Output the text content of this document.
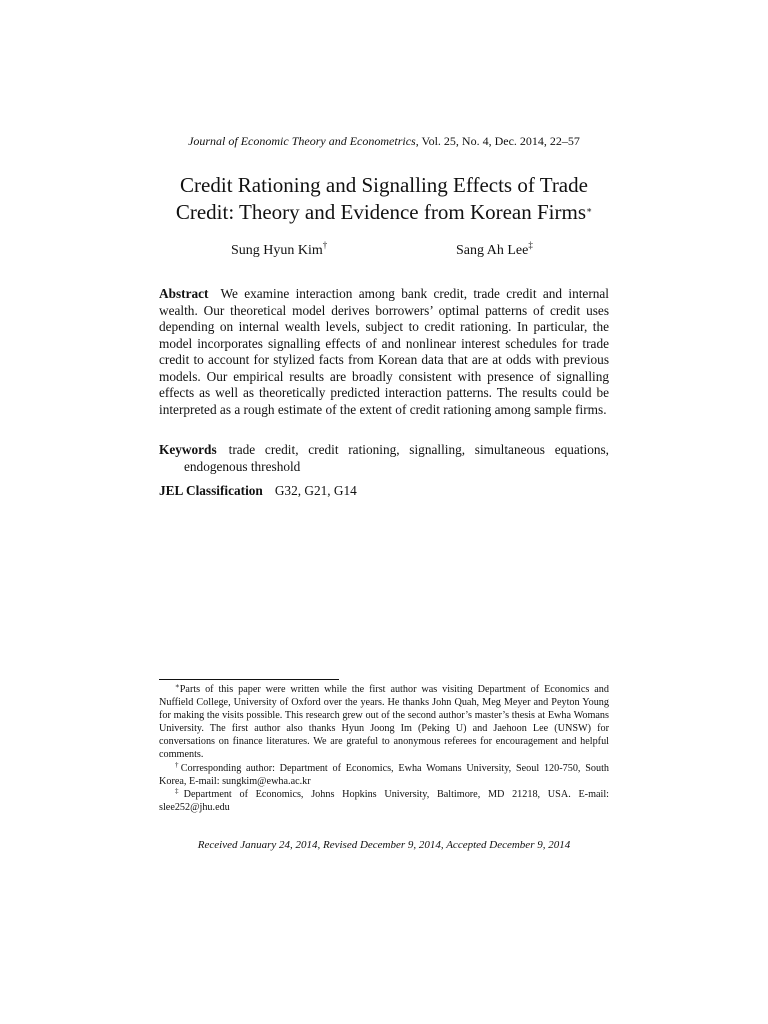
Journal of Economic Theory and Econometrics, Vol. 25, No. 4, Dec. 2014, 22–57
Credit Rationing and Signalling Effects of Trade
Credit: Theory and Evidence from Korean Firms∗
Sung Hyun Kim†	Sang Ah Lee‡
Abstract We examine interaction among bank credit, trade credit and internal wealth. Our theoretical model derives borrowers’ optimal patterns of credit uses depending on internal wealth levels, subject to credit rationing. In particular, the model incorporates signalling effects of and nonlinear interest schedules for trade credit to account for stylized facts from Korean data that are at odds with previous models. Our empirical results are broadly consistent with presence of signalling effects as well as theoretically predicted interaction patterns. The results could be interpreted as a rough estimate of the extent of credit rationing among sample firms.
Keywords trade credit, credit rationing, signalling, simultaneous equations, endogenous threshold
JEL Classification G32, G21, G14

∗Parts of this paper were written while the first author was visiting Department of Economics and Nuffield College, University of Oxford over the years. He thanks John Quah, Meg Meyer and Peyton Young for making the visits possible. This research grew out of the second author’s master’s thesis at Ewha Womans University. The first author also thanks Hyun Joong Im (Peking U) and Jaehoon Lee (UNSW) for conversations on finance literatures. We are grateful to anonymous referees for encouragement and helpful comments.

†Corresponding author: Department of Economics, Ewha Womans University, Seoul 120-750, South Korea, E-mail: sungkim@ewha.ac.kr

‡Department of Economics, Johns Hopkins University, Baltimore, MD 21218, USA. E-mail: slee252@jhu.edu

Received January 24, 2014, Revised December 9, 2014, Accepted December 9, 2014
